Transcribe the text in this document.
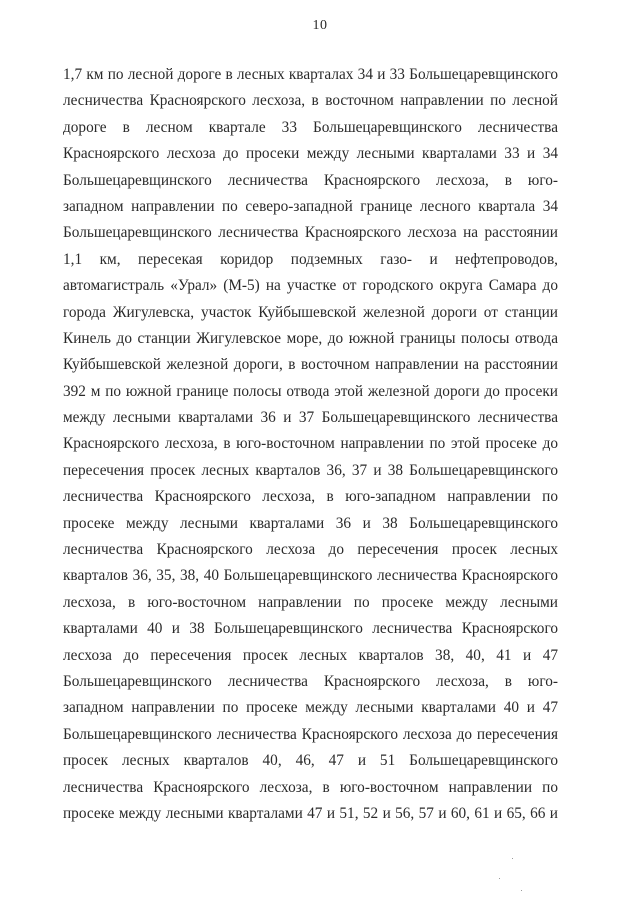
10
1,7 км по лесной дороге в лесных кварталах 34 и 33 Большецаревщинского
лесничества Красноярского лесхоза, в восточном направлении по лесной
дороге в лесном квартале 33 Большецаревщинского лесничества
Красноярского лесхоза до просеки между лесными кварталами 33 и 34
Большецаревщинского лесничества Красноярского лесхоза, в юго-
западном направлении по северо-западной границе лесного квартала 34
Большецаревщинского лесничества Красноярского лесхоза на расстоянии
1,1 км, пересекая коридор подземных газо- и нефтепроводов,
автомагистраль «Урал» (М-5) на участке от городского округа Самара до
города Жигулевска, участок Куйбышевской железной дороги от станции
Кинель до станции Жигулевское море, до южной границы полосы отвода
Куйбышевской железной дороги, в восточном направлении на расстоянии
392 м по южной границе полосы отвода этой железной дороги до просеки
между лесными кварталами 36 и 37 Большецаревщинского лесничества
Красноярского лесхоза, в юго-восточном направлении по этой просеке до
пересечения просек лесных кварталов 36, 37 и 38 Большецаревщинского
лесничества Красноярского лесхоза, в юго-западном направлении по
просеке между лесными кварталами 36 и 38 Большецаревщинского
лесничества Красноярского лесхоза до пересечения просек лесных
кварталов 36, 35, 38, 40 Большецаревщинского лесничества Красноярского
лесхоза, в юго-восточном направлении по просеке между лесными
кварталами 40 и 38 Большецаревщинского лесничества Красноярского
лесхоза до пересечения просек лесных кварталов 38, 40, 41 и 47
Большецаревщинского лесничества Красноярского лесхоза, в юго-
западном направлении по просеке между лесными кварталами 40 и 47
Большецаревщинского лесничества Красноярского лесхоза до пересечения
просек лесных кварталов 40, 46, 47 и 51 Большецаревщинского
лесничества Красноярского лесхоза, в юго-восточном направлении по
просеке между лесными кварталами 47 и 51, 52 и 56, 57 и 60, 61 и 65, 66 и
